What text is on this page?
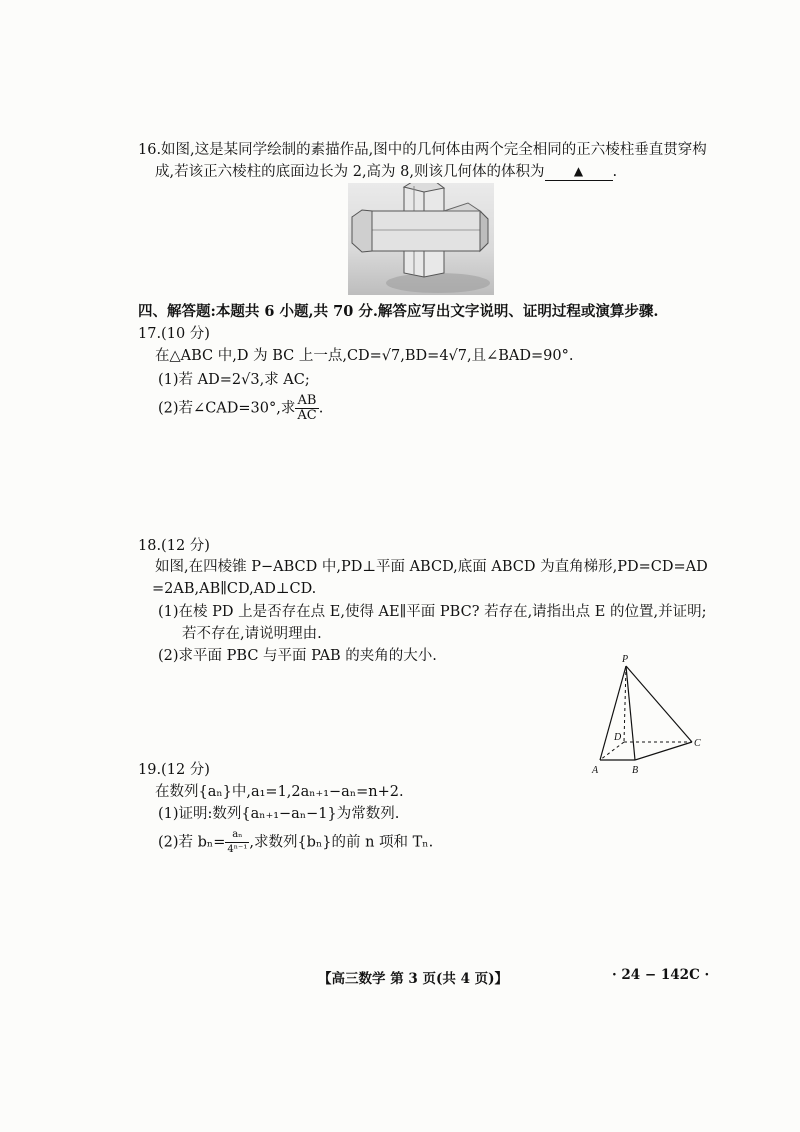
16.如图,这是某同学绘制的素描作品,图中的几何体由两个完全相同的正六棱柱垂直贯穿构
成,若该正六棱柱的底面边长为 2,高为 8,则该几何体的体积为 ▲ .
四、解答题:本题共 6 小题,共 70 分.解答应写出文字说明、证明过程或演算步骤.
17.(10 分)
在△ABC 中,D 为 BC 上一点,CD=√7,BD=4√7,且∠BAD=90°.
(1)若 AD=2√3,求 AC;
(2)若∠CAD=30°,求 $\frac{AB}{AC}$ .
18.(12 分)
如图,在四棱锥 P−ABCD 中,PD⊥平面 ABCD,底面 ABCD 为直角梯形,PD=CD=AD
=2AB,AB∥CD,AD⊥CD.
(1)在棱 PD 上是否存在点 E,使得 AE∥平面 PBC? 若存在,请指出点 E 的位置,并证明;
若不存在,请说明理由.
(2)求平面 PBC 与平面 PAB 的夹角的大小.	P
D
C
A	B
19.(12 分)
在数列{aₙ}中,a₁=1,2aₙ₊₁−aₙ=n+2.
(1)证明:数列{aₙ₊₁−aₙ−1}为常数列.
(2)若 $b_n= \frac{\text{aₙ}}{\text{4ⁿ⁻¹}}$ ,求数列{bₙ}的前 n 项和 Tₙ.
【高三数学 第 3 页(共 4 页)】	· 24 − 142C ·
